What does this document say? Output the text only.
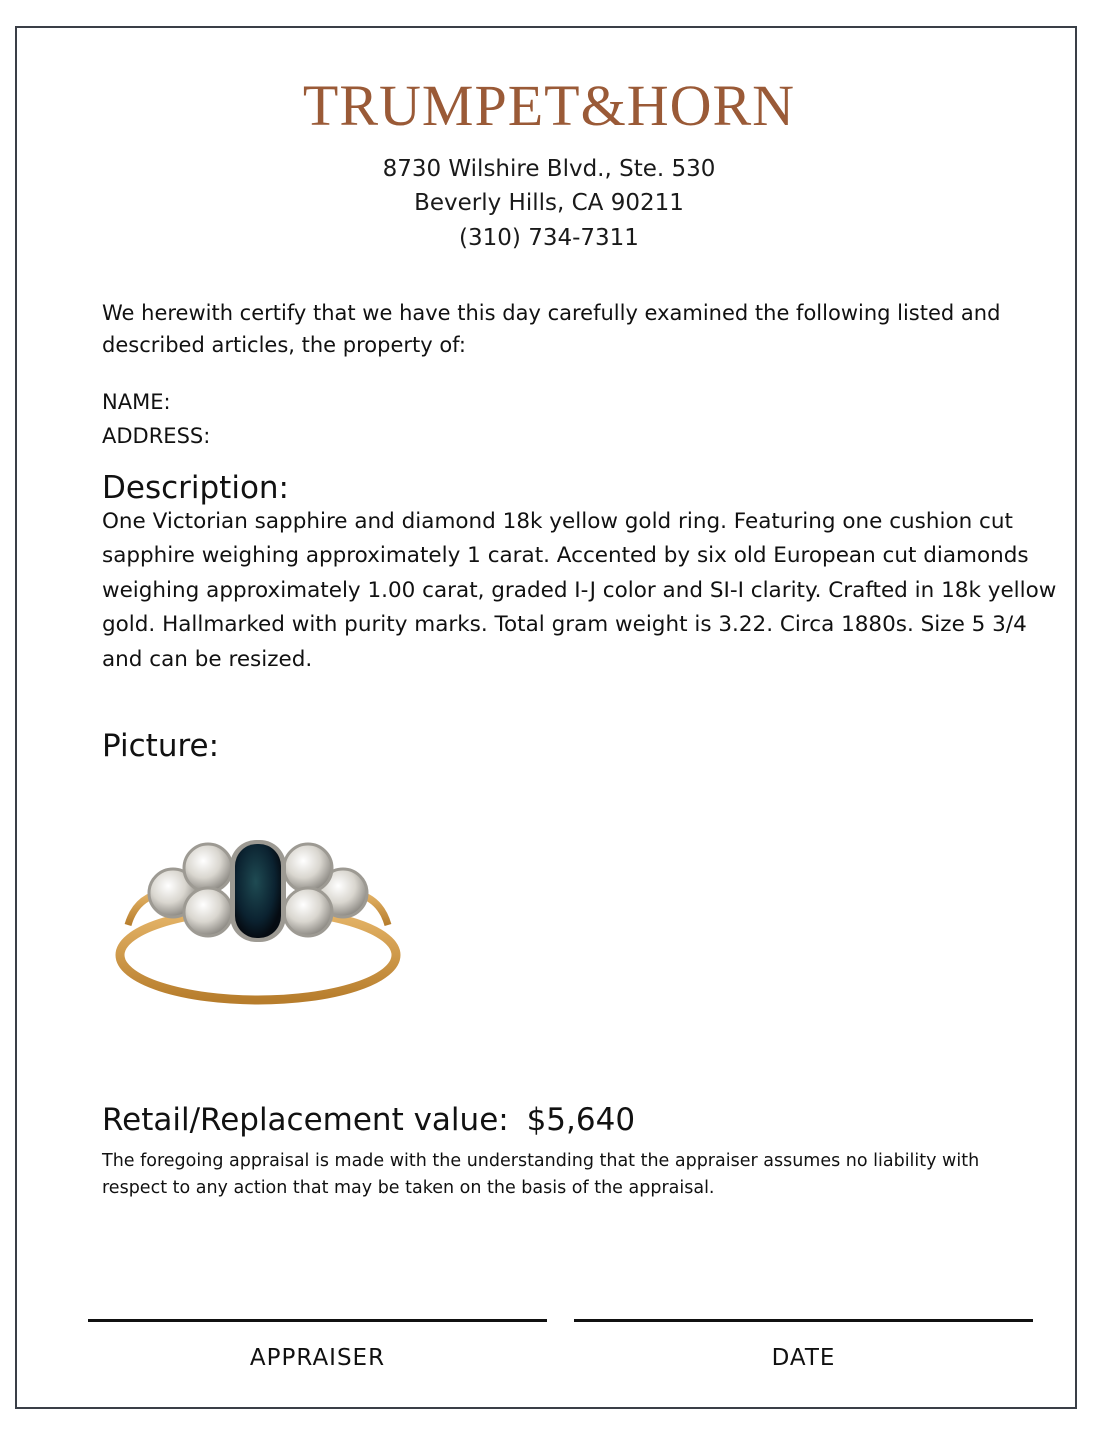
TRUMPET&HORN
8730 Wilshire Blvd., Ste. 530
Beverly Hills, CA 90211
(310) 734-7311
We herewith certify that we have this day carefully examined the following listed and described articles, the property of:
NAME:
ADDRESS:
Description:
One Victorian sapphire and diamond 18k yellow gold ring. Featuring one cushion cut sapphire weighing approximately 1 carat. Accented by six old European cut diamonds weighing approximately 1.00 carat, graded I-J color and SI-I clarity. Crafted in 18k yellow gold. Hallmarked with purity marks. Total gram weight is 3.22. Circa 1880s. Size 5 3/4 and can be resized.
Picture:
Retail/Replacement value: $5,640
The foregoing appraisal is made with the understanding that the appraiser assumes no liability with respect to any action that may be taken on the basis of the appraisal.
APPRAISER	DATE
